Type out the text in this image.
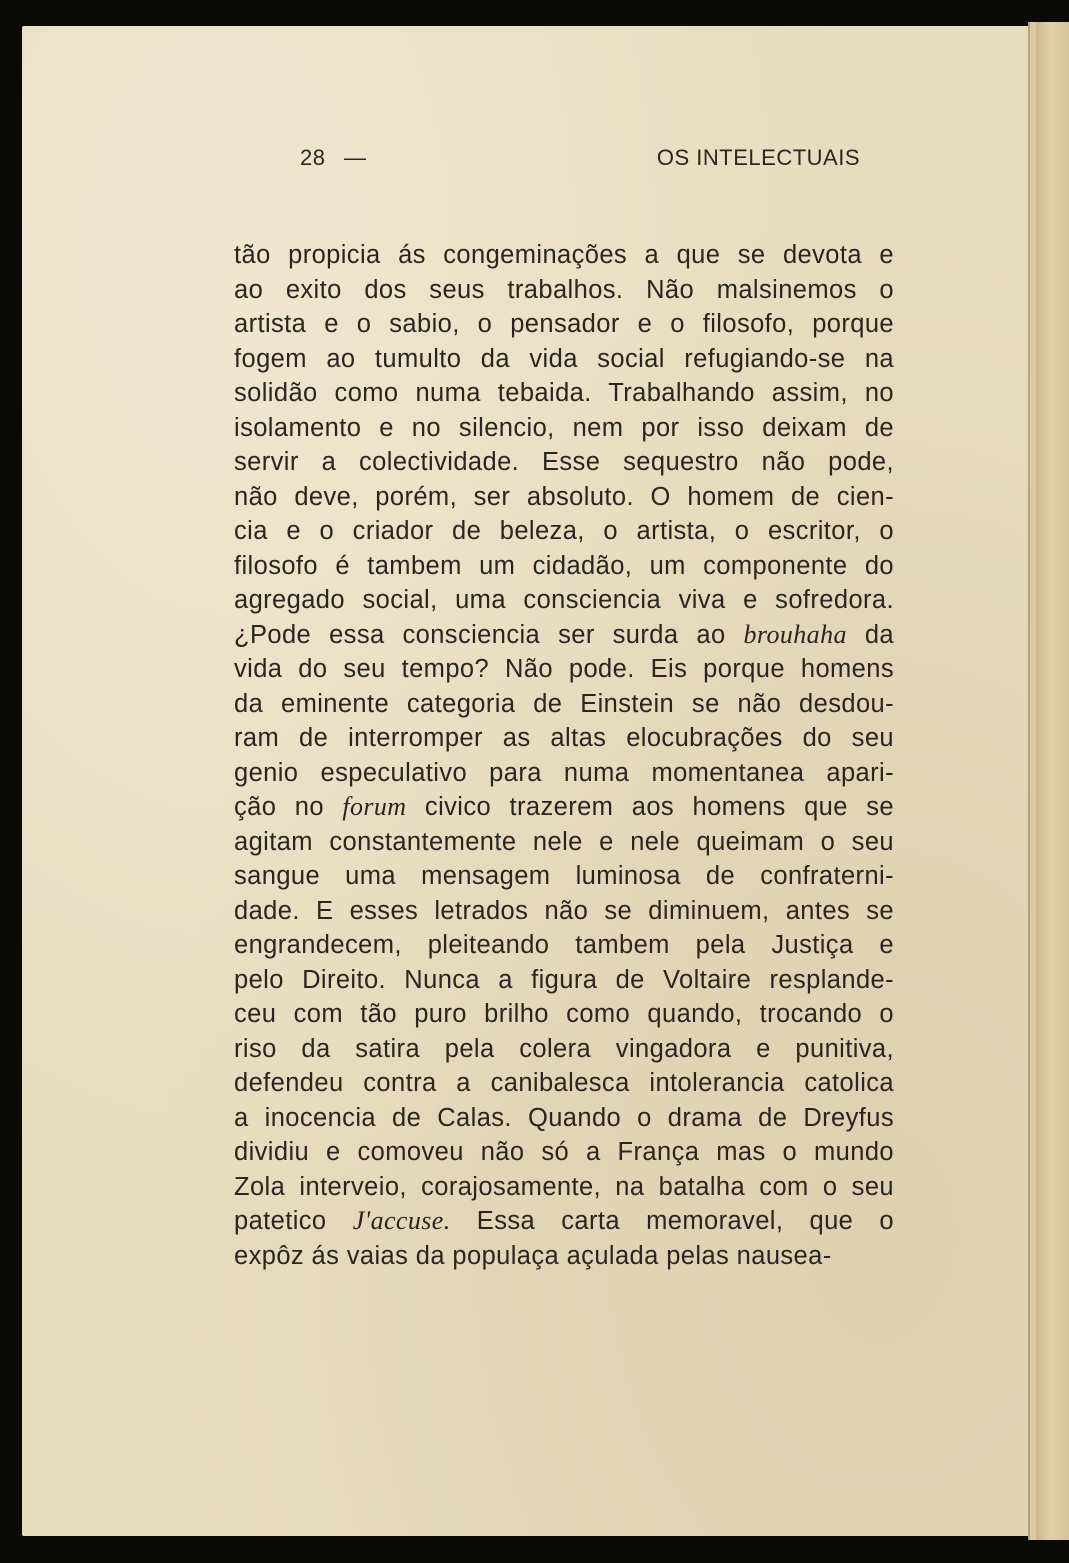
28 —	OS INTELECTUAIS
tão propicia ás congeminações a que se devota e
ao exito dos seus trabalhos. Não malsinemos o
artista e o sabio, o pensador e o filosofo, porque
fogem ao tumulto da vida social refugiando-se na
solidão como numa tebaida. Trabalhando assim, no
isolamento e no silencio, nem por isso deixam de
servir a colectividade. Esse sequestro não pode,
não deve, porém, ser absoluto. O homem de cien-
cia e o criador de beleza, o artista, o escritor, o
filosofo é tambem um cidadão, um componente do
agregado social, uma consciencia viva e sofredora.
¿Pode essa consciencia ser surda ao brouhaha da
vida do seu tempo? Não pode. Eis porque homens
da eminente categoria de Einstein se não desdou-
ram de interromper as altas elocubrações do seu
genio especulativo para numa momentanea apari-
ção no forum civico trazerem aos homens que se
agitam constantemente nele e nele queimam o seu
sangue uma mensagem luminosa de confraterni-
dade. E esses letrados não se diminuem, antes se
engrandecem, pleiteando tambem pela Justiça e
pelo Direito. Nunca a figura de Voltaire resplande-
ceu com tão puro brilho como quando, trocando o
riso da satira pela colera vingadora e punitiva,
defendeu contra a canibalesca intolerancia catolica
a inocencia de Calas. Quando o drama de Dreyfus
dividiu e comoveu não só a França mas o mundo
Zola interveio, corajosamente, na batalha com o seu
patetico J'accuse. Essa carta memoravel, que o
expôz ás vaias da populaça açulada pelas nausea-
